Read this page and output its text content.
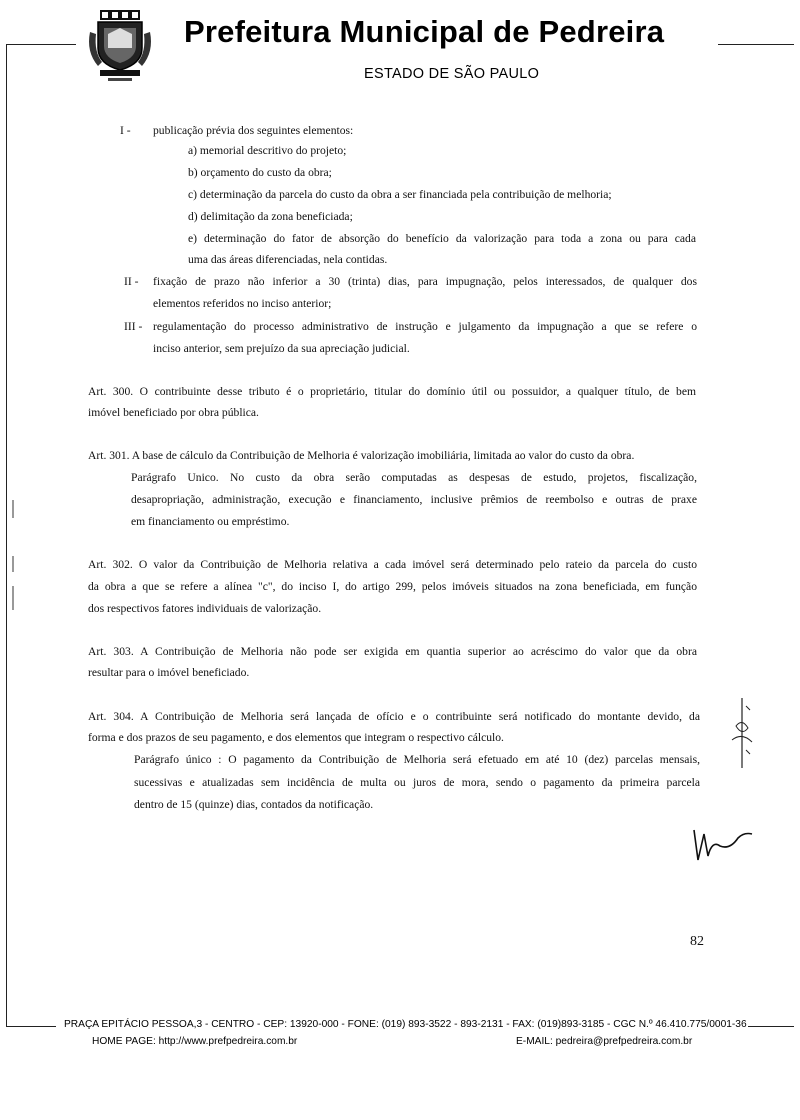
Prefeitura Municipal de Pedreira
ESTADO DE SÃO PAULO
I - publicação prévia dos seguintes elementos:
a) memorial descritivo do projeto;
b) orçamento do custo da obra;
c) determinação da parcela do custo da obra a ser financiada pela contribuição de melhoria;
d) delimitação da zona beneficiada;
e) determinação do fator de absorção do benefício da valorização para toda a zona ou para cada
uma das áreas diferenciadas, nela contidas.
II - fixação de prazo não inferior a 30 (trinta) dias, para impugnação, pelos interessados, de qualquer dos
elementos referidos no inciso anterior;
III - regulamentação do processo administrativo de instrução e julgamento da impugnação a que se refere o
inciso anterior, sem prejuízo da sua apreciação judicial.
Art. 300. O contribuinte desse tributo é o proprietário, titular do domínio útil ou possuidor, a qualquer título, de bem
imóvel beneficiado por obra pública.
Art. 301. A base de cálculo da Contribuição de Melhoria é valorização imobiliária, limitada ao valor do custo da obra.
Parágrafo Unico. No custo da obra serão computadas as despesas de estudo, projetos, fiscalização,
desapropriação, administração, execução e financiamento, inclusive prêmios de reembolso e outras de praxe
em financiamento ou empréstimo.
Art. 302. O valor da Contribuição de Melhoria relativa a cada imóvel será determinado pelo rateio da parcela do custo
da obra a que se refere a alínea "c", do inciso I, do artigo 299, pelos imóveis situados na zona beneficiada, em função
dos respectivos fatores individuais de valorização.
Art. 303. A Contribuição de Melhoria não pode ser exigida em quantia superior ao acréscimo do valor que da obra
resultar para o imóvel beneficiado.
Art. 304. A Contribuição de Melhoria será lançada de ofício e o contribuinte será notificado do montante devido, da
forma e dos prazos de seu pagamento, e dos elementos que integram o respectivo cálculo.
Parágrafo único : O pagamento da Contribuição de Melhoria será efetuado em até 10 (dez) parcelas mensais,
sucessivas e atualizadas sem incidência de multa ou juros de mora, sendo o pagamento da primeira parcela
dentro de 15 (quinze) dias, contados da notificação.
82
PRAÇA EPITÁCIO PESSOA,3 - CENTRO - CEP: 13920-000 - FONE: (019) 893-3522 - 893-2131 - FAX: (019)893-3185 - CGC N.º 46.410.775/0001-36
HOME PAGE: http://www.prefpedreira.com.br	E-MAIL: pedreira@prefpedreira.com.br
